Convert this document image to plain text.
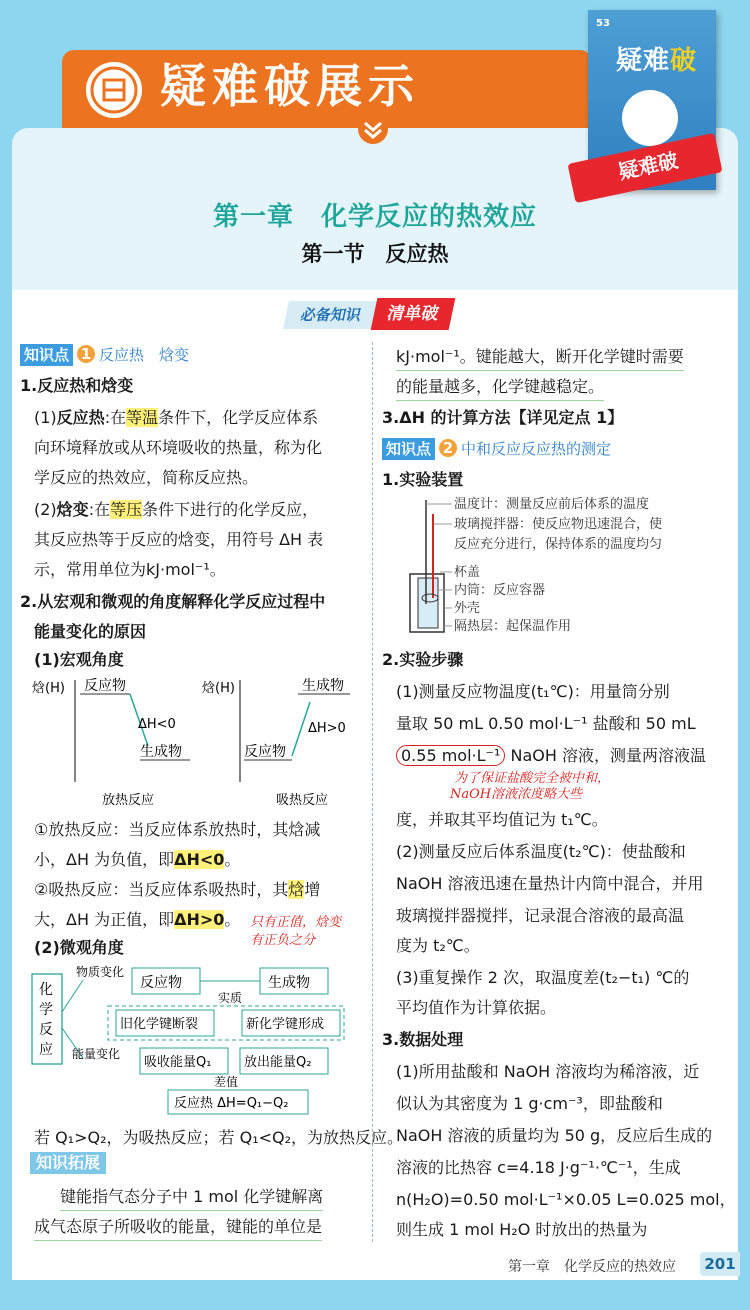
疑难破展示
53
疑难破
疑难破
第一章　化学反应的热效应
第一节　反应热
必备知识	清单破
知识点 1 反应热　焓变
1.反应热和焓变
(1)反应热:在等温条件下，化学反应体系
向环境释放或从环境吸收的热量，称为化
学反应的热效应，简称反应热。
(2)焓变:在等压条件下进行的化学反应，
其反应热等于反应的焓变，用符号 ΔH 表
示，常用单位为kJ·mol⁻¹。
2.从宏观和微观的角度解释化学反应过程中
能量变化的原因
(1)宏观角度
焓(H) 反应物
ΔH<0
生成物
放热反应
焓(H)	生成物
ΔH>0
反应物
吸热反应
①放热反应：当反应体系放热时，其焓减
小，ΔH 为负值，即ΔH<0。
②吸热反应：当反应体系吸热时，其焓增
大，ΔH 为正值，即ΔH>0。 只有正值，焓变
有正负之分
(2)微观角度
化
学
反
应
物质变化
反应物	生成物
实质
旧化学键断裂	新化学键形成
能量变化
吸收能量Q₁	放出能量Q₂
差值
反应热 ΔH=Q₁−Q₂
若 Q₁>Q₂，为吸热反应；若 Q₁<Q₂，为放热反应。
知识拓展
键能指气态分子中 1 mol 化学键解离
成气态原子所吸收的能量，键能的单位是
kJ·mol⁻¹。键能越大，断开化学键时需要
的能量越多，化学键越稳定。
3.ΔH 的计算方法【详见定点 1】
知识点 2 中和反应反应热的测定
1.实验装置
温度计：测量反应前后体系的温度
玻璃搅拌器：使反应物迅速混合，使
反应充分进行，保持体系的温度均匀
杯盖
内筒：反应容器
外壳
隔热层：起保温作用
2.实验步骤
(1)测量反应物温度(t₁℃)：用量筒分别
量取 50 mL 0.50 mol·L⁻¹ 盐酸和 50 mL
0.55 mol·L⁻¹ NaOH 溶液，测量两溶液温
为了保证盐酸完全被中和，
NaOH溶液浓度略大些
度，并取其平均值记为 t₁℃。
(2)测量反应后体系温度(t₂℃)：使盐酸和
NaOH 溶液迅速在量热计内筒中混合，并用
玻璃搅拌器搅拌，记录混合溶液的最高温
度为 t₂℃。
(3)重复操作 2 次，取温度差(t₂−t₁) ℃的
平均值作为计算依据。
3.数据处理
(1)所用盐酸和 NaOH 溶液均为稀溶液，近
似认为其密度为 1 g·cm⁻³，即盐酸和
NaOH 溶液的质量均为 50 g，反应后生成的
溶液的比热容 c=4.18 J·g⁻¹·℃⁻¹，生成
n(H₂O)=0.50 mol·L⁻¹×0.05 L=0.025 mol，
则生成 1 mol H₂O 时放出的热量为
第一章　化学反应的热效应 201
